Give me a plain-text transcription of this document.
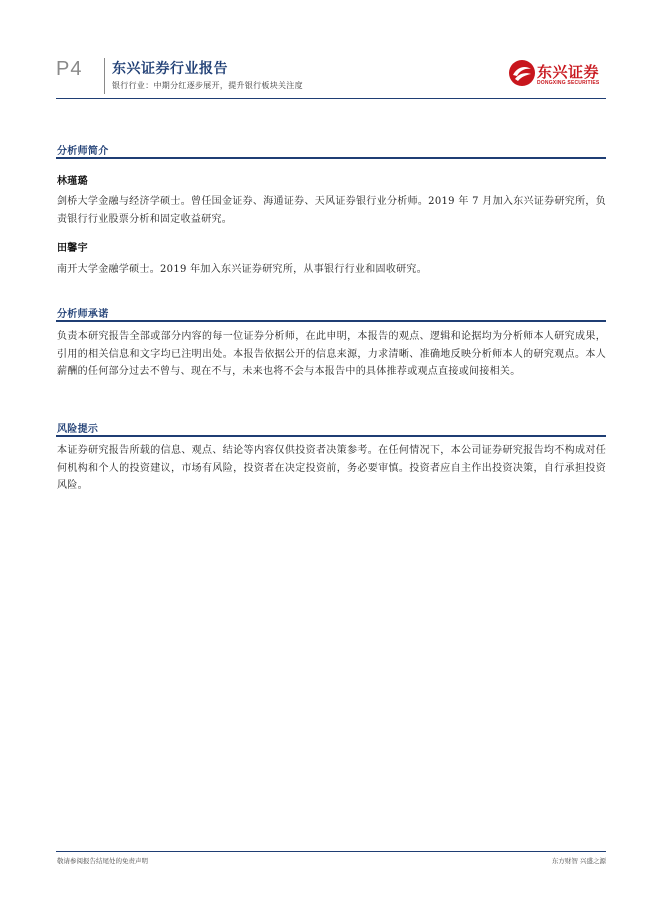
P4 东兴证券行业报告
银行行业：中期分红逐步展开，提升银行板块关注度
东兴证券
DONGXING SECURITIES
分析师简介
林瑾璐
剑桥大学金融与经济学硕士。曾任国金证券、海通证券、天风证券银行业分析师。2019 年 7 月加入东兴证券研究所，负责银行行业股票分析和固定收益研究。
田馨宇
南开大学金融学硕士。2019 年加入东兴证券研究所，从事银行行业和固收研究。
分析师承诺
负责本研究报告全部或部分内容的每一位证券分析师，在此申明，本报告的观点、逻辑和论据均为分析师本人研究成果，引用的相关信息和文字均已注明出处。本报告依据公开的信息来源，力求清晰、准确地反映分析师本人的研究观点。本人薪酬的任何部分过去不曾与、现在不与，未来也将不会与本报告中的具体推荐或观点直接或间接相关。
风险提示
本证券研究报告所载的信息、观点、结论等内容仅供投资者决策参考。在任何情况下，本公司证券研究报告均不构成对任何机构和个人的投资建议，市场有风险，投资者在决定投资前，务必要审慎。投资者应自主作出投资决策，自行承担投资风险。
敬请参阅报告结尾处的免责声明	东方财智 兴盛之源
